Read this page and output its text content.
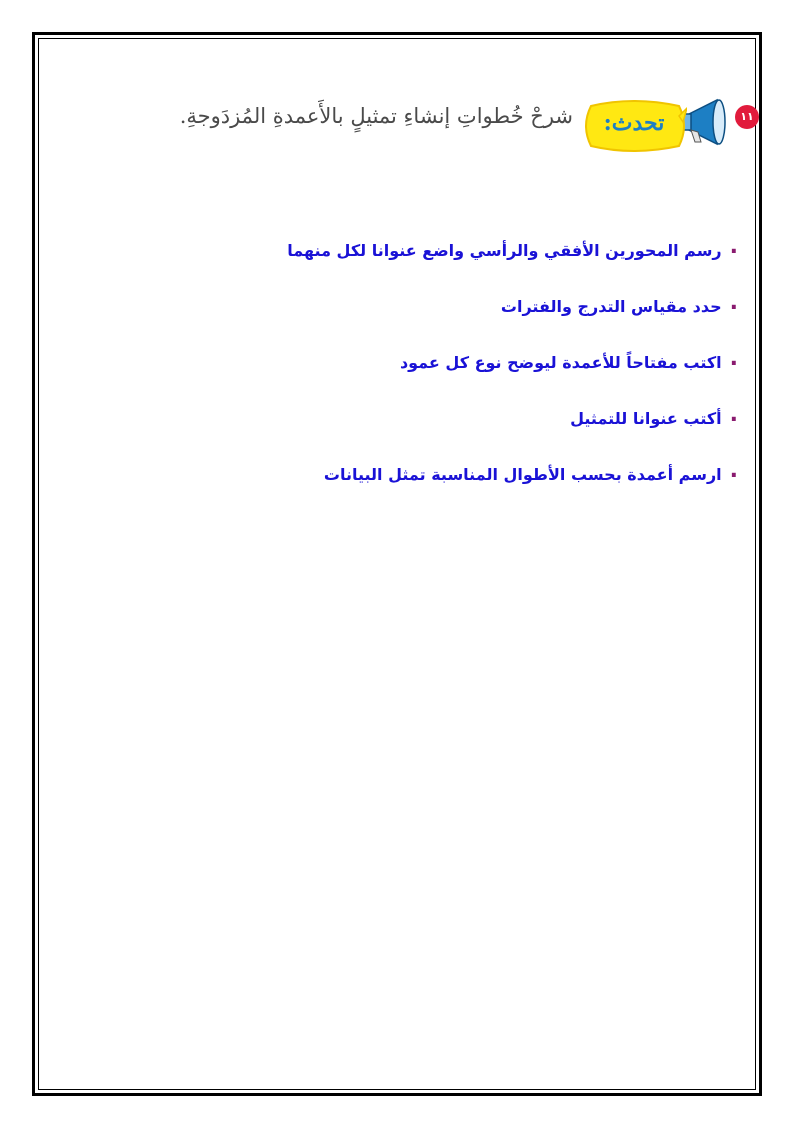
١١
تحدث:
شرحْ خُطواتِ إنشاءِ تمثيلٍ بالأَعمدةِ المُزدَوجةِ.
.
رسم المحورين الأفقي والرأسي واضع عنوانا لكل منهما
.
حدد مقياس التدرج والفترات
.
اكتب مفتاحاً للأعمدة ليوضح نوع كل عمود
.
أكتب عنوانا للتمثيل
.
ارسم أعمدة بحسب الأطوال المناسبة تمثل البيانات
